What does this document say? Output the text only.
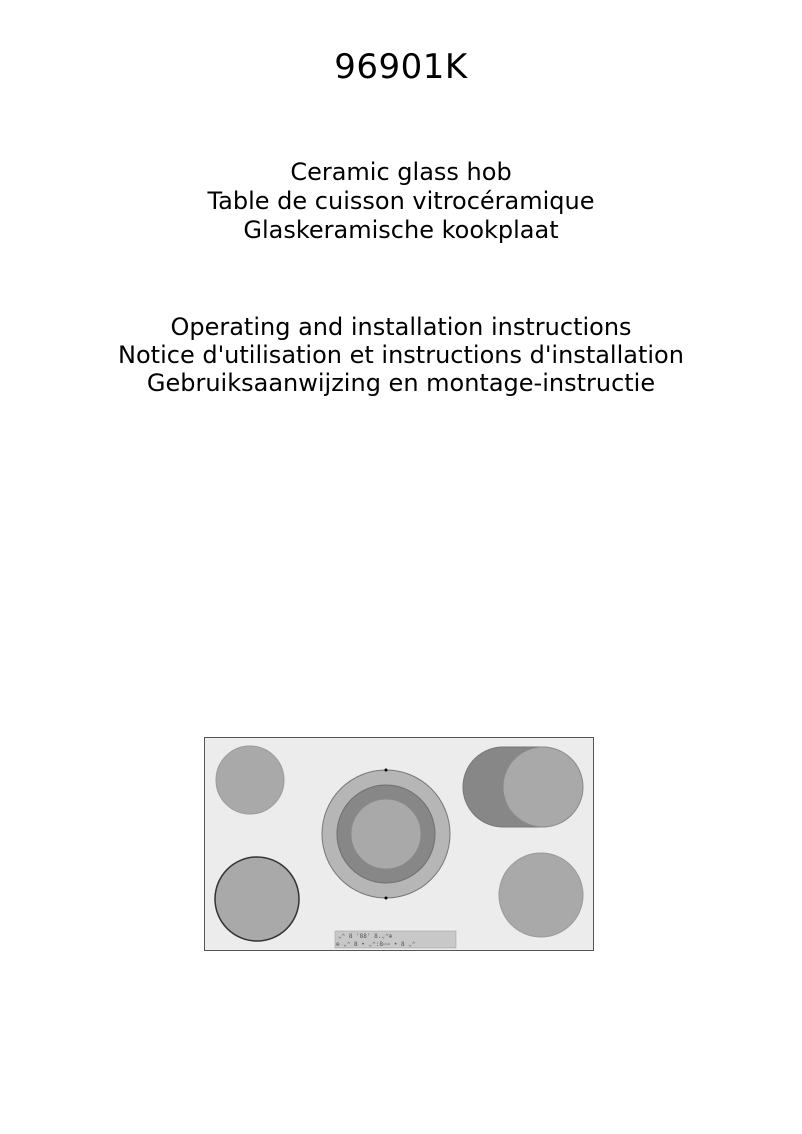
96901K
Ceramic glass hob
Table de cuisson vitrocéramique
Glaskeramische kookplaat
Operating and installation instructions
Notice d'utilisation et instructions d'installation
Gebruiksaanwijzing en montage-instructie
⌄⌃ 8 '88' 8.⌄⌃⊕
⊕ ⌄⌃ 8 • ⌄⌃:8⋯⋯ • 8 ⌄⌃
